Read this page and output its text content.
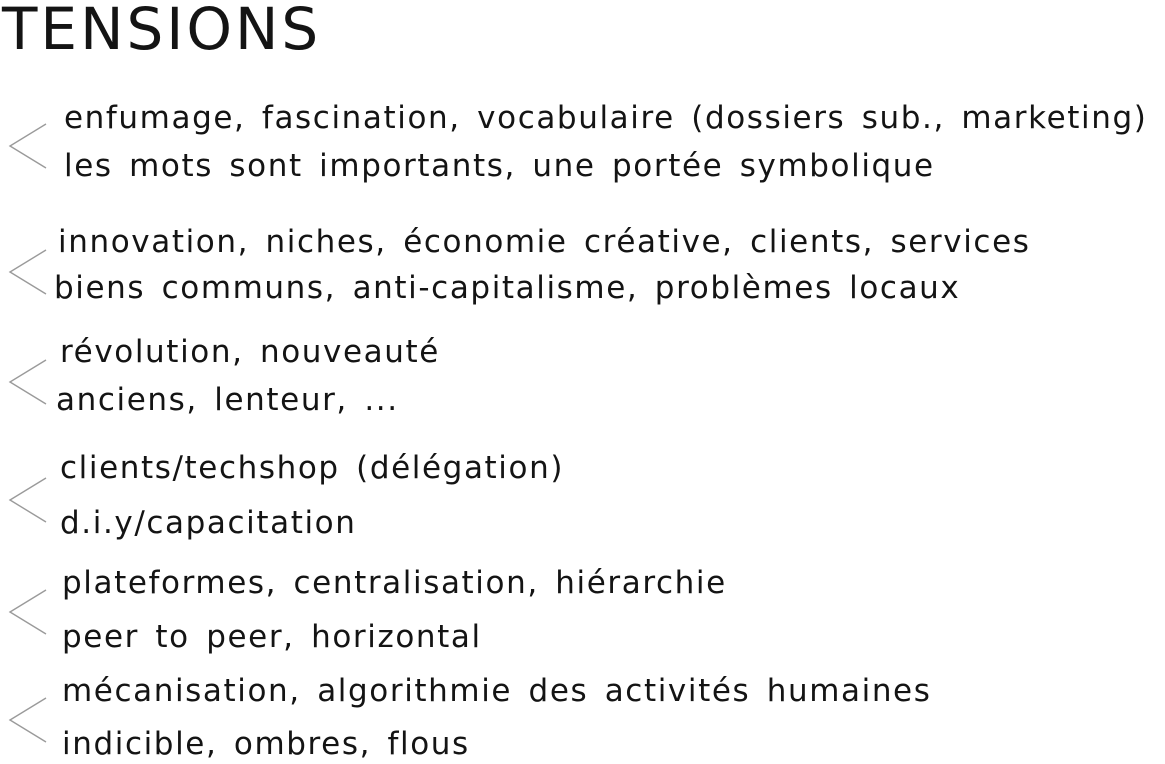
TENSIONS
enfumage, fascination, vocabulaire (dossiers sub., marketing)
les mots sont importants, une portée symbolique
innovation, niches, économie créative, clients, services
biens communs, anti-capitalisme, problèmes locaux
révolution, nouveauté
anciens, lenteur, ...
clients/techshop (délégation)
d.i.y/capacitation
plateformes, centralisation, hiérarchie
peer to peer, horizontal
mécanisation, algorithmie des activités humaines
indicible, ombres, flous
